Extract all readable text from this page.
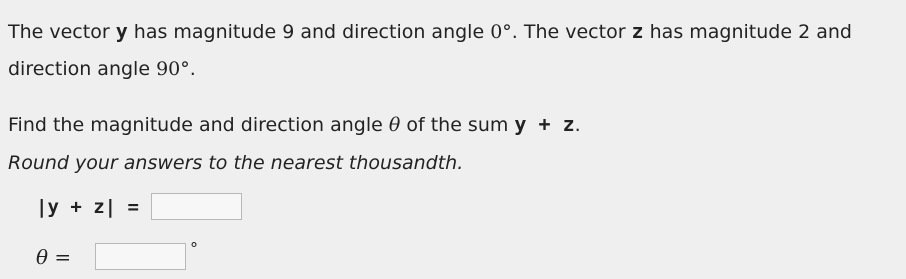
The vector y has magnitude 9 and direction angle 0°. The vector z has magnitude 2 and
direction angle 90°.
Find the magnitude and direction angle θ of the sum y + z.
Round your answers to the nearest thousandth.
|y + z| =
θ =	°
